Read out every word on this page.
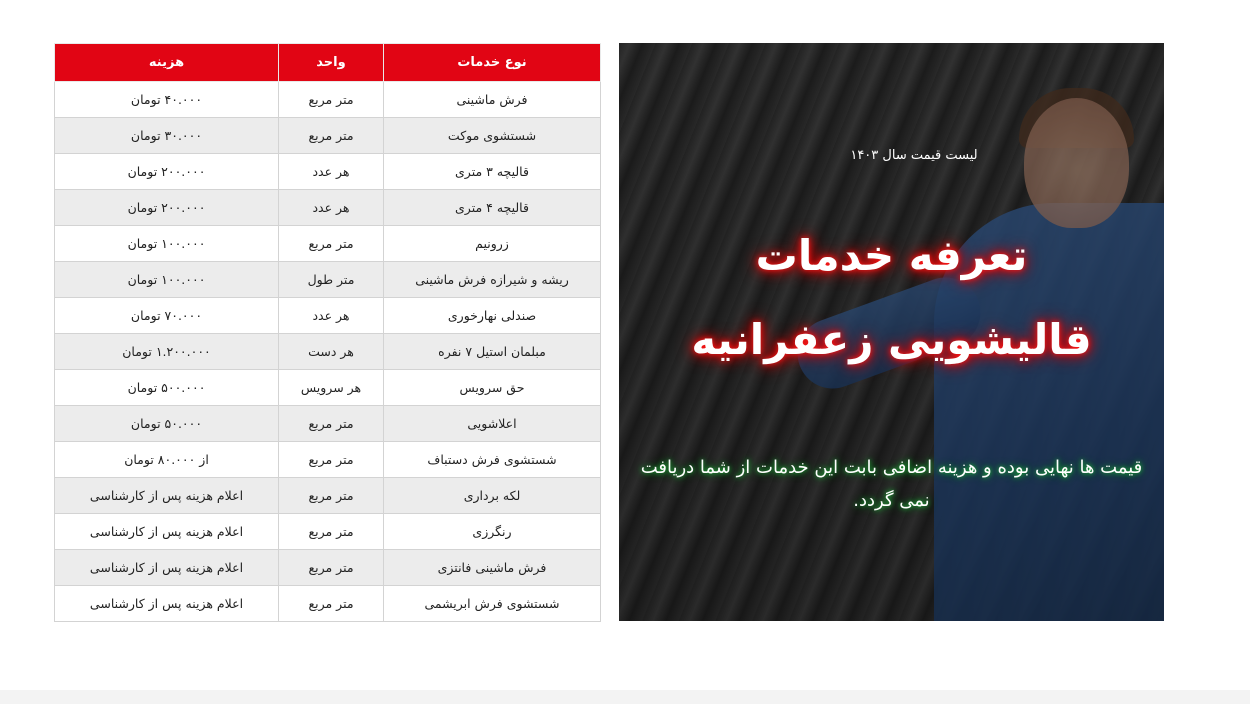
نوع خدمات	واحد	هزینه
فرش ماشینی	متر مربع	۴۰.۰۰۰ تومان
شستشوی موکت	متر مربع	۳۰.۰۰۰ تومان
قالیچه ۳ متری	هر عدد	۲۰۰.۰۰۰ تومان
قالیچه ۴ متری	هر عدد	۲۰۰.۰۰۰ تومان
زرونیم	متر مربع	۱۰۰.۰۰۰ تومان
ریشه و شیرازه فرش ماشینی	متر طول	۱۰۰.۰۰۰ تومان
صندلی نهارخوری	هر عدد	۷۰.۰۰۰ تومان
مبلمان استیل ۷ نفره	هر دست	۱.۲۰۰.۰۰۰ تومان
حق سرویس	هر سرویس	۵۰۰.۰۰۰ تومان
اعلاشویی	متر مربع	۵۰.۰۰۰ تومان
شستشوی فرش دستباف	متر مربع	از ۸۰.۰۰۰ تومان
لکه برداری	متر مربع	اعلام هزینه پس از کارشناسی
رنگرزی	متر مربع	اعلام هزینه پس از کارشناسی
فرش ماشینی فانتزی	متر مربع	اعلام هزینه پس از کارشناسی
شستشوی فرش ابریشمی	متر مربع	اعلام هزینه پس از کارشناسی
لیست قیمت سال ۱۴۰۳
تعرفه خدمات
قالیشویی زعفرانیه
قیمت ها نهایی بوده و هزینه اضافی بابت این خدمات از شما دریافت نمی گردد.
